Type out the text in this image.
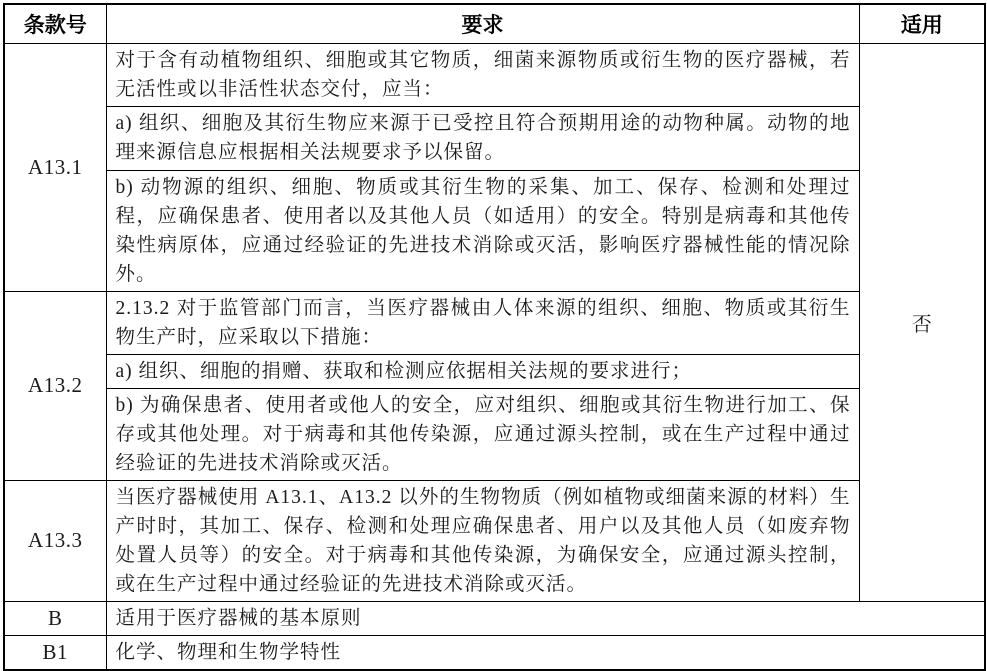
条款号	要求	适用
A13.1	对于含有动植物组织、细胞或其它物质，细菌来源物质或衍生物的医疗器械，若无活性或以非活性状态交付，应当：	否
	a) 组织、细胞及其衍生物应来源于已受控且符合预期用途的动物种属。动物的地理来源信息应根据相关法规要求予以保留。	
	b) 动物源的组织、细胞、物质或其衍生物的采集、加工、保存、检测和处理过程，应确保患者、使用者以及其他人员（如适用）的安全。特别是病毒和其他传染性病原体，应通过经验证的先进技术消除或灭活，影响医疗器械性能的情况除外。	
A13.2	2.13.2 对于监管部门而言，当医疗器械由人体来源的组织、细胞、物质或其衍生物生产时，应采取以下措施：	
	a) 组织、细胞的捐赠、获取和检测应依据相关法规的要求进行；	
	b) 为确保患者、使用者或他人的安全，应对组织、细胞或其衍生物进行加工、保存或其他处理。对于病毒和其他传染源，应通过源头控制，或在生产过程中通过经验证的先进技术消除或灭活。	
A13.3	当医疗器械使用 A13.1、A13.2 以外的生物物质（例如植物或细菌来源的材料）生产时时，其加工、保存、检测和处理应确保患者、用户以及其他人员（如废弃物处置人员等）的安全。对于病毒和其他传染源，为确保安全，应通过源头控制，或在生产过程中通过经验证的先进技术消除或灭活。	
B	适用于医疗器械的基本原则	
B1	化学、物理和生物学特性	
